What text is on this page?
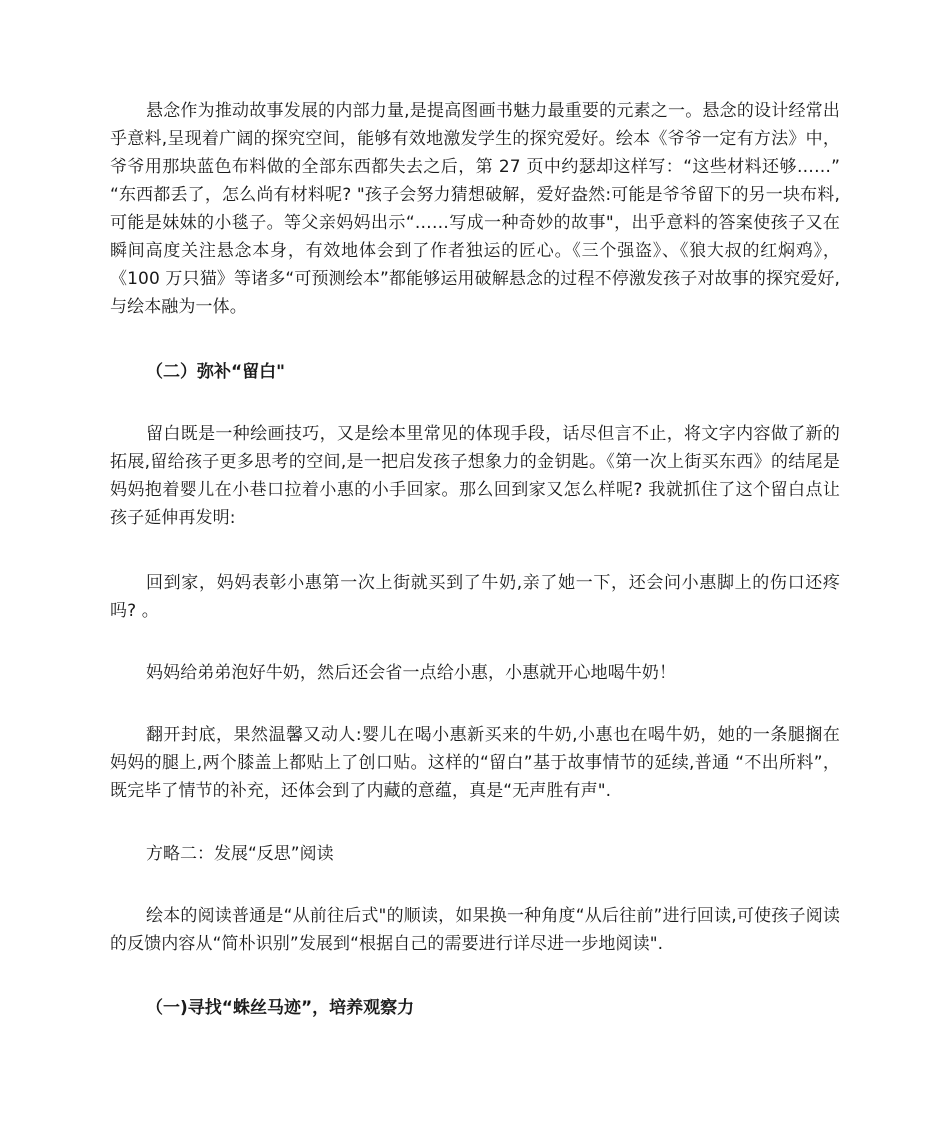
悬念作为推动故事发展的内部力量,是提高图画书魅力最重要的元素之一。悬念的设计经常出乎意料,呈现着广阔的探究空间，能够有效地激发学生的探究爱好。绘本《爷爷一定有方法》中，爷爷用那块蓝色布料做的全部东西都失去之后，第 27 页中约瑟却这样写：“这些材料还够……” “东西都丢了，怎么尚有材料呢? "孩子会努力猜想破解，爱好盎然:可能是爷爷留下的另一块布料,可能是妹妹的小毯子。等父亲妈妈出示“……写成一种奇妙的故事"，出乎意料的答案使孩子又在瞬间高度关注悬念本身，有效地体会到了作者独运的匠心。《三个强盗》、《狼大叔的红焖鸡》，《100 万只猫》等诸多“可预测绘本”都能够运用破解悬念的过程不停激发孩子对故事的探究爱好,与绘本融为一体。

（二）弥补“留白"

留白既是一种绘画技巧，又是绘本里常见的体现手段，话尽但言不止，将文字内容做了新的拓展,留给孩子更多思考的空间,是一把启发孩子想象力的金钥匙。《第一次上街买东西》的结尾是妈妈抱着婴儿在小巷口拉着小惠的小手回家。那么回到家又怎么样呢? 我就抓住了这个留白点让孩子延伸再发明:

回到家，妈妈表彰小惠第一次上街就买到了牛奶,亲了她一下，还会问小惠脚上的伤口还疼吗? 。

妈妈给弟弟泡好牛奶，然后还会省一点给小惠，小惠就开心地喝牛奶！

翻开封底，果然温馨又动人:婴儿在喝小惠新买来的牛奶,小惠也在喝牛奶，她的一条腿搁在妈妈的腿上,两个膝盖上都贴上了创口贴。这样的“留白”基于故事情节的延续,普通 “不出所料”，既完毕了情节的补充，还体会到了内藏的意蕴，真是“无声胜有声".

方略二：发展“反思”阅读

绘本的阅读普通是“从前往后式"的顺读，如果换一种角度“从后往前”进行回读,可使孩子阅读的反馈内容从“简朴识别”发展到“根据自己的需要进行详尽进一步地阅读".

（一)寻找“蛛丝马迹”，培养观察力
